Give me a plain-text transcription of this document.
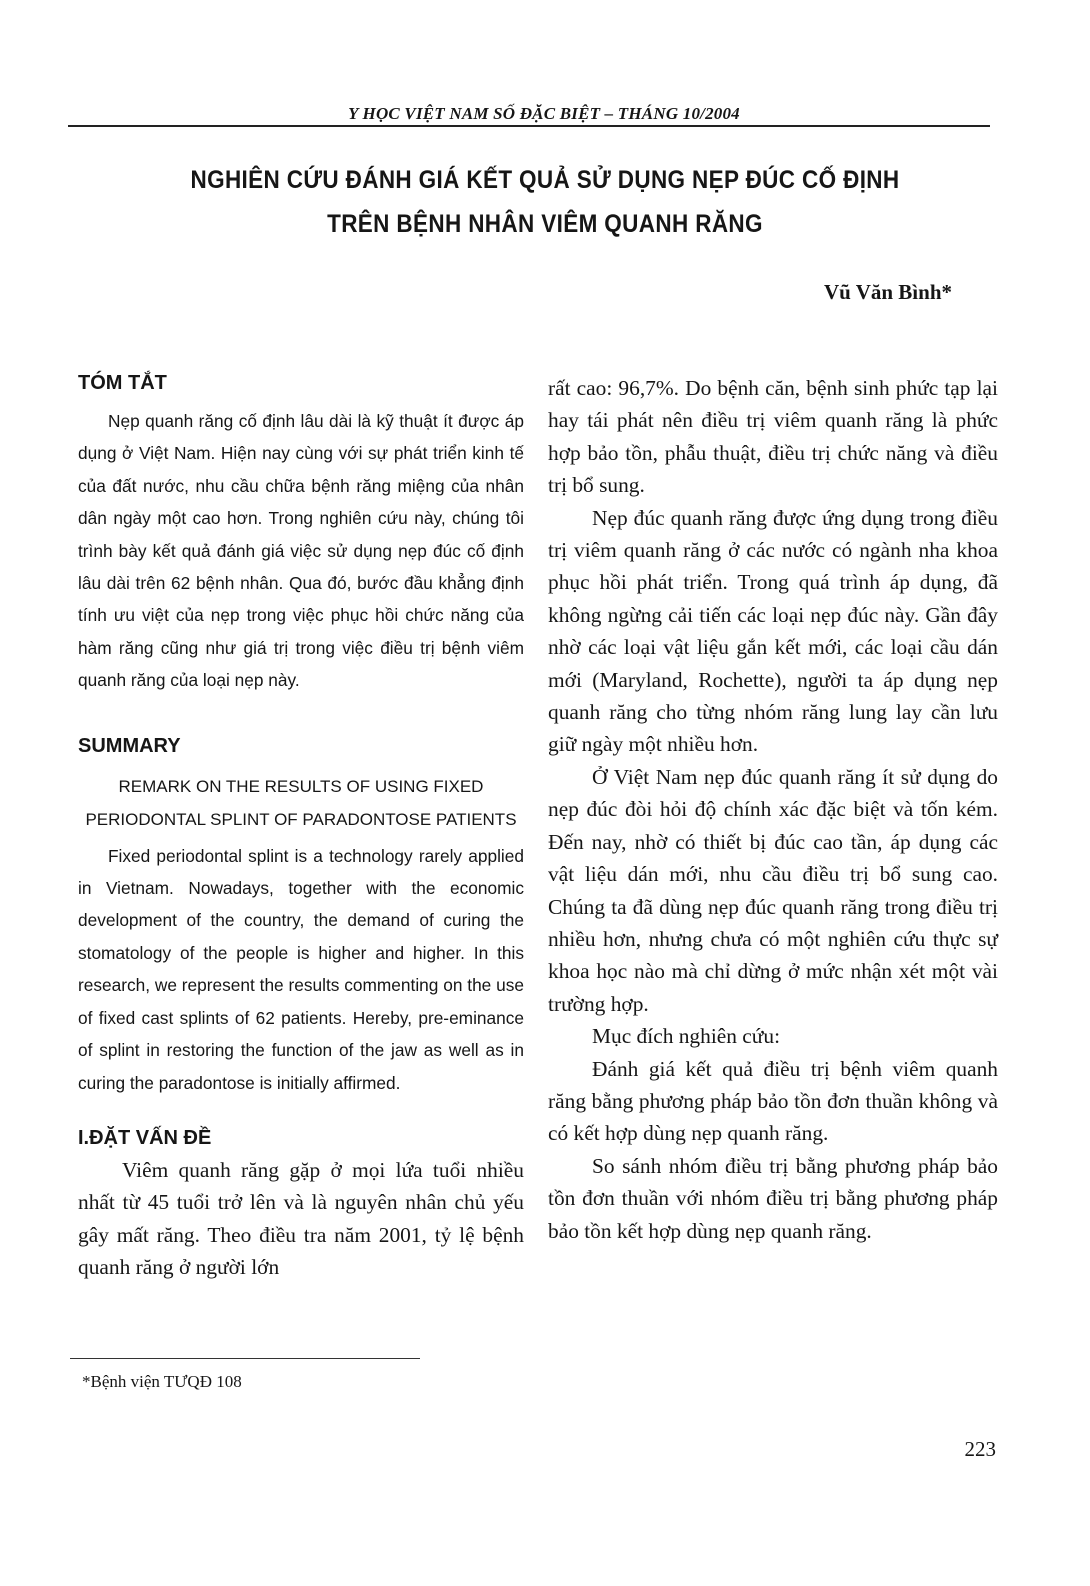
Y HỌC VIỆT NAM SỐ ĐẶC BIỆT – THÁNG 10/2004
NGHIÊN CỨU ĐÁNH GIÁ KẾT QUẢ SỬ DỤNG NẸP ĐÚC CỐ ĐỊNH
TRÊN BỆNH NHÂN VIÊM QUANH RĂNG
Vũ Văn Bình*
TÓM TẮT

Nẹp quanh răng cố định lâu dài là kỹ thuật ít được áp dụng ở Việt Nam. Hiện nay cùng với sự phát triển kinh tế của đất nước, nhu cầu chữa bệnh răng miệng của nhân dân ngày một cao hơn. Trong nghiên cứu này, chúng tôi trình bày kết quả đánh giá việc sử dụng nẹp đúc cố định lâu dài trên 62 bệnh nhân. Qua đó, bước đầu khẳng định tính ưu việt của nẹp trong việc phục hồi chức năng của hàm răng cũng như giá trị trong việc điều trị bệnh viêm quanh răng của loại nẹp này.

SUMMARY

REMARK ON THE RESULTS OF USING FIXED

PERIODONTAL SPLINT OF PARADONTOSE PATIENTS

Fixed periodontal splint is a technology rarely applied in Vietnam. Nowadays, together with the economic development of the country, the demand of curing the stomatology of the people is higher and higher. In this research, we represent the results commenting on the use of fixed cast splints of 62 patients. Hereby, pre-eminance of splint in restoring the function of the jaw as well as in curing the paradontose is initially affirmed.

I.ĐẶT VẤN ĐỀ

Viêm quanh răng gặp ở mọi lứa tuổi nhiều nhất từ 45 tuổi trở lên và là nguyên nhân chủ yếu gây mất răng. Theo điều tra năm 2001, tỷ lệ bệnh quanh răng ở người lớn

rất cao: 96,7%. Do bệnh căn, bệnh sinh phức tạp lại hay tái phát nên điều trị viêm quanh răng là phức hợp bảo tồn, phẫu thuật, điều trị chức năng và điều trị bổ sung.

Nẹp đúc quanh răng được ứng dụng trong điều trị viêm quanh răng ở các nước có ngành nha khoa phục hồi phát triển. Trong quá trình áp dụng, đã không ngừng cải tiến các loại nẹp đúc này. Gần đây nhờ các loại vật liệu gắn kết mới, các loại cầu dán mới (Maryland, Rochette), người ta áp dụng nẹp quanh răng cho từng nhóm răng lung lay cần lưu giữ ngày một nhiều hơn.

Ở Việt Nam nẹp đúc quanh răng ít sử dụng do nẹp đúc đòi hỏi độ chính xác đặc biệt và tốn kém. Đến nay, nhờ có thiết bị đúc cao tần, áp dụng các vật liệu dán mới, nhu cầu điều trị bổ sung cao. Chúng ta đã dùng nẹp đúc quanh răng trong điều trị nhiều hơn, nhưng chưa có một nghiên cứu thực sự khoa học nào mà chỉ dừng ở mức nhận xét một vài trường hợp.

Mục đích nghiên cứu:

Đánh giá kết quả điều trị bệnh viêm quanh răng bằng phương pháp bảo tồn đơn thuần không và có kết hợp dùng nẹp quanh răng.

So sánh nhóm điều trị bằng phương pháp bảo tồn đơn thuần với nhóm điều trị bằng phương pháp bảo tồn kết hợp dùng nẹp quanh răng.

*Bệnh viện TƯQĐ 108
223
